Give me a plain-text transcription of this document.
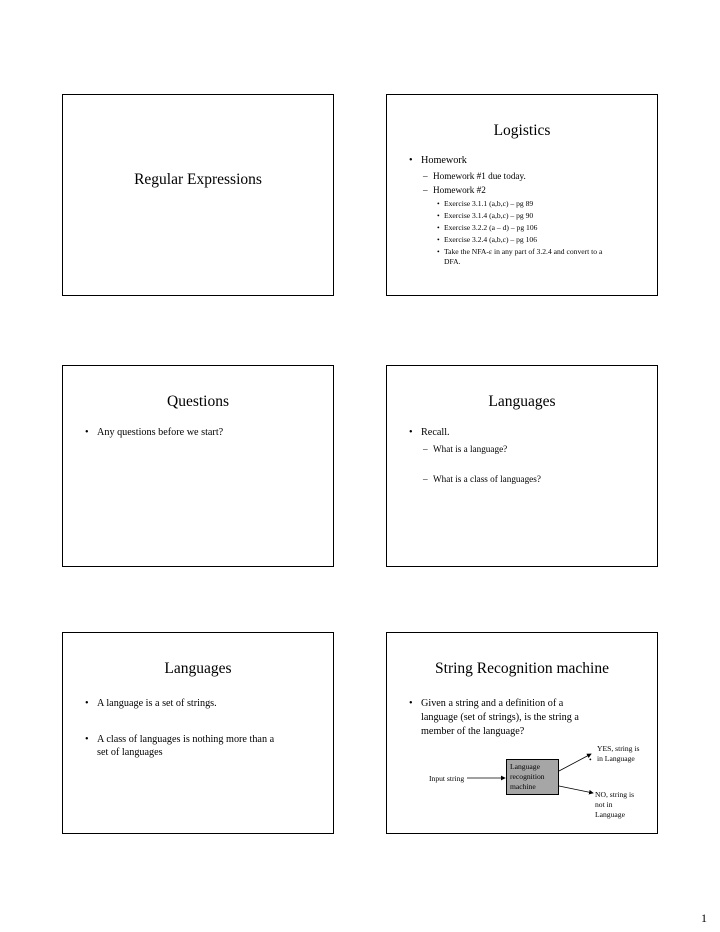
Regular Expressions
Logistics
• Homework
– Homework #1 due today.
– Homework #2
• Exercise 3.1.1 (a,b,c) – pg 89
• Exercise 3.1.4 (a,b,c) – pg 90
• Exercise 3.2.2 (a – d) – pg 106
• Exercise 3.2.4 (a,b,c) – pg 106
• Take the NFA-ε in any part of 3.2.4 and convert to a
DFA.
Questions
• Any questions before we start?
Languages
• Recall.
– What is a language?
– What is a class of languages?
Languages
• A language is a set of strings.
• A class of languages is nothing more than a
set of languages
String Recognition machine
• Given a string and a definition of a
language (set of strings), is the string a
member of the language?
Language
recognition
machine
Input string
YES, string is
in Language
•
NO, string is
not in
Language
1
